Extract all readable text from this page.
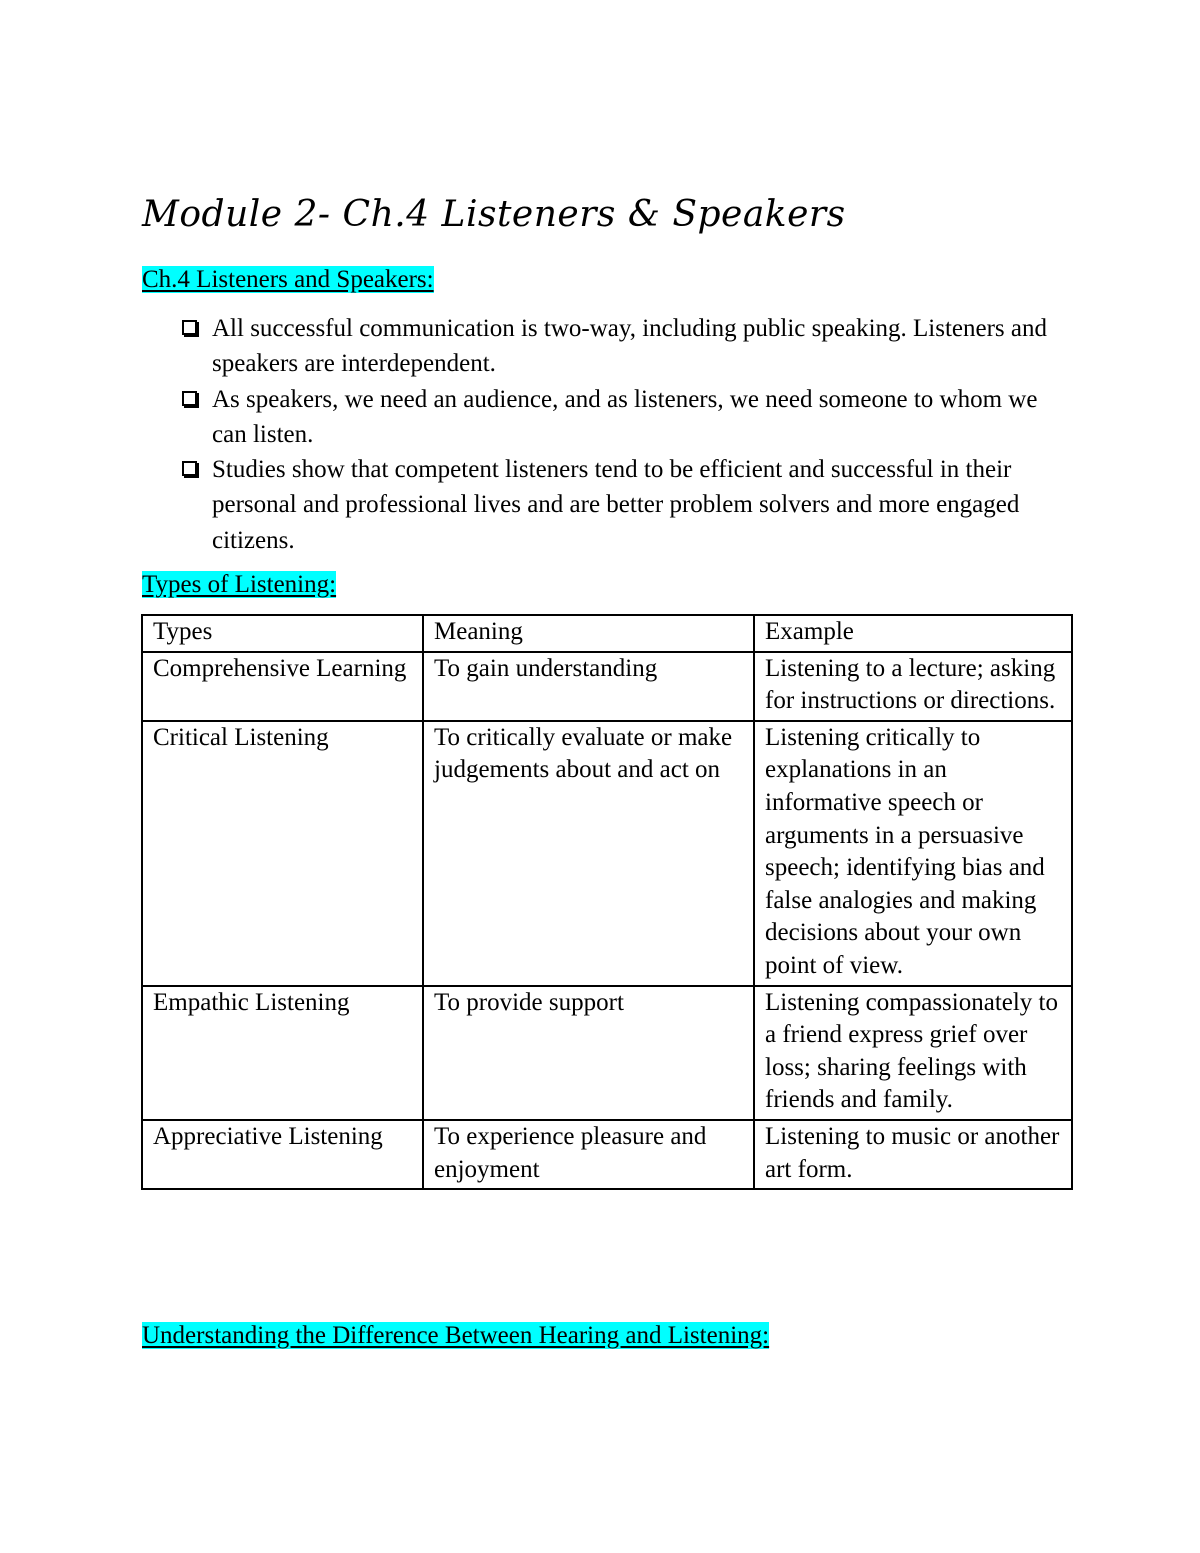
Module 2- Ch.4 Listeners & Speakers

Ch.4 Listeners and Speakers:

All successful communication is two-way, including public speaking. Listeners and speakers are interdependent.
As speakers, we need an audience, and as listeners, we need someone to whom we can listen.
Studies show that competent listeners tend to be efficient and successful in their personal and professional lives and are better problem solvers and more engaged citizens.

Types of Listening:

Types	Meaning	Example
Comprehensive Learning	To gain understanding	Listening to a lecture; asking for instructions or directions.
Critical Listening	To critically evaluate or make judgements about and act on	Listening critically to explanations in an informative speech or arguments in a persuasive speech; identifying bias and false analogies and making decisions about your own point of view.
Empathic Listening	To provide support	Listening compassionately to a friend express grief over loss; sharing feelings with friends and family.
Appreciative Listening	To experience pleasure and enjoyment	Listening to music or another art form.

Understanding the Difference Between Hearing and Listening:
